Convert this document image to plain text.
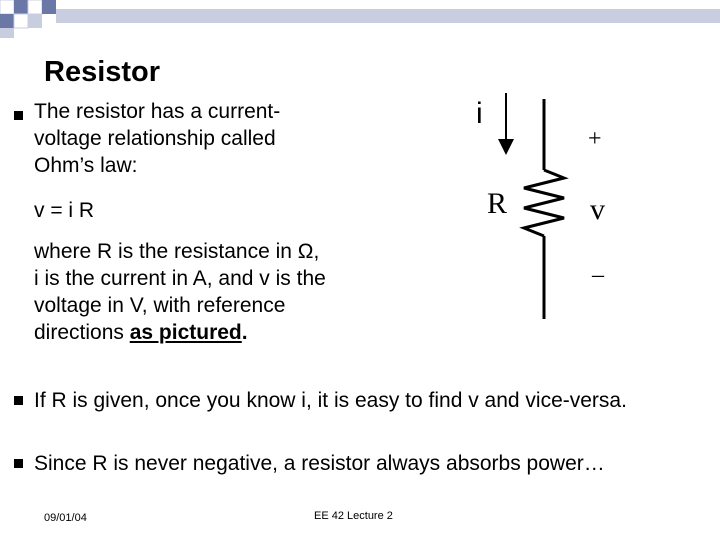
Resistor
The resistor has a current-
voltage relationship called
Ohm’s law:
v = i R
where R is the resistance in Ω,
i is the current in A, and v is the
voltage in V, with reference
directions as pictured.
i
R
+
v
–
If R is given, once you know i, it is easy to find v and vice-versa.
Since R is never negative, a resistor always absorbs power…
09/01/04	EE 42 Lecture 2
